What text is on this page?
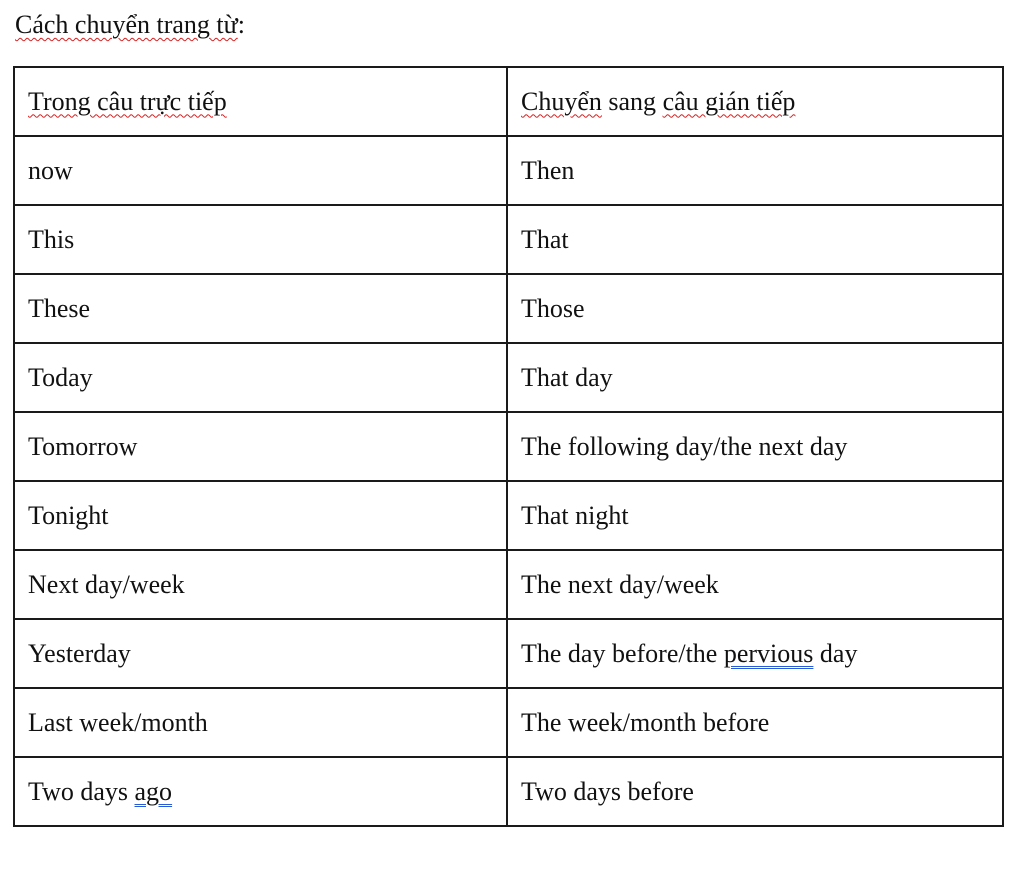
Cách chuyển trang từ:
Trong câu trực tiếp	Chuyển sang câu gián tiếp
now	Then
This	That
These	Those
Today	That day
Tomorrow	The following day/the next day
Tonight	That night
Next day/week	The next day/week
Yesterday	The day before/the pervious day
Last week/month	The week/month before
Two days ago	Two days before
